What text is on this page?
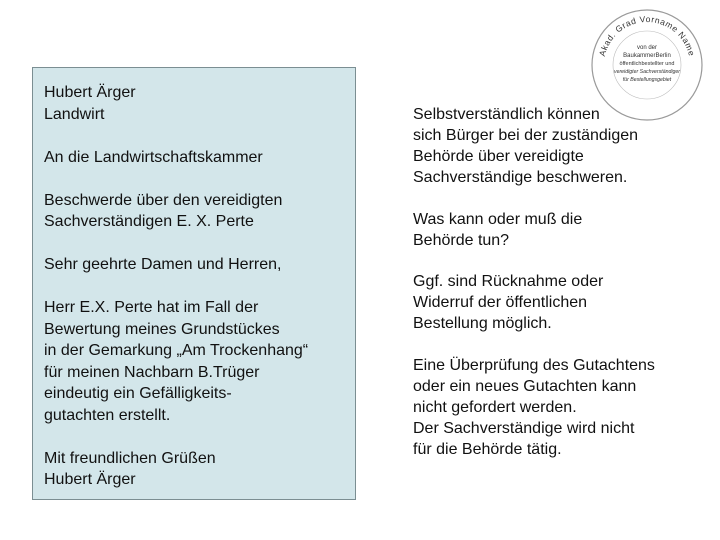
Hubert Ärger
Landwirt
An die Landwirtschaftskammer
Beschwerde über den vereidigten
Sachverständigen E. X. Perte
Sehr geehrte Damen und Herren,
Herr E.X. Perte hat im Fall der
Bewertung meines Grundstückes
in der Gemarkung „Am Trockenhang“
für meinen Nachbarn B.Trüger
eindeutig ein Gefälligkeits-
gutachten erstellt.
Mit freundlichen Grüßen
Hubert Ärger
Selbstverständlich können
sich Bürger bei der zuständigen
Behörde über vereidigte
Sachverständige beschweren.
Was kann oder muß die
Behörde tun?
Ggf. sind Rücknahme oder
Widerruf der öffentlichen
Bestellung möglich.
Eine Überprüfung des Gutachtens
oder ein neues Gutachten kann
nicht gefordert werden.
Der Sachverständige wird nicht
für die Behörde tätig.
Akad. Grad Vorname Name
von der
BaukammerBerlin
öffentlichbestellter und
vereidigter Sachverständiger
für Bestellungsgebiet
